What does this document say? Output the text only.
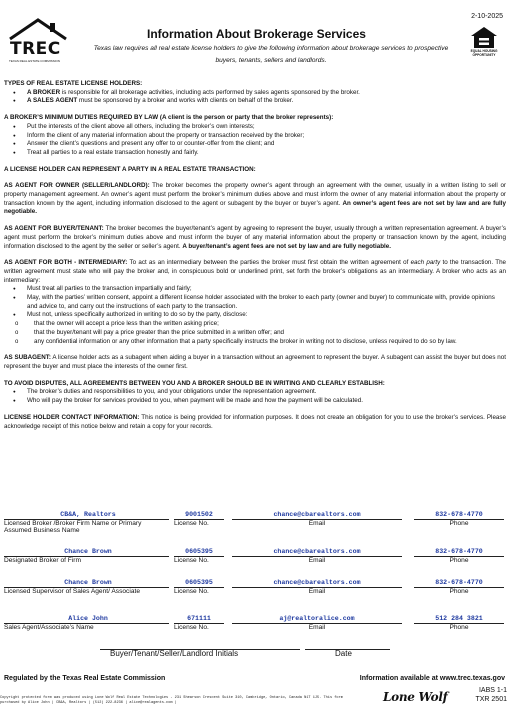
TREC
TEXAS REAL ESTATE COMMISSION
2-10-2025
EQUAL HOUSING OPPORTUNITY
Information About Brokerage Services
Texas law requires all real estate license holders to give the following information about brokerage services to prospective buyers, tenants, sellers and landlords.

TYPES OF REAL ESTATE LICENSE HOLDERS:

● A BROKER is responsible for all brokerage activities, including acts performed by sales agents sponsored by the broker.
● A SALES AGENT must be sponsored by a broker and works with clients on behalf of the broker.

A BROKER’S MINIMUM DUTIES REQUIRED BY LAW (A client is the person or party that the broker represents):

● Put the interests of the client above all others, including the broker’s own interests;
● Inform the client of any material information about the property or transaction received by the broker;
● Answer the client’s questions and present any offer to or counter-offer from the client; and
● Treat all parties to a real estate transaction honestly and fairly.

A LICENSE HOLDER CAN REPRESENT A PARTY IN A REAL ESTATE TRANSACTION:

AS AGENT FOR OWNER (SELLER/LANDLORD): The broker becomes the property owner’s agent through an agreement with the owner, usually in a written listing to sell or property management agreement. An owner’s agent must perform the broker’s minimum duties above and must inform the owner of any material information about the property or transaction known by the agent, including information disclosed to the agent or subagent by the buyer or buyer’s agent. An owner’s agent fees are not set by law and are fully negotiable.

AS AGENT FOR BUYER/TENANT: The broker becomes the buyer/tenant’s agent by agreeing to represent the buyer, usually through a written representation agreement. A buyer’s agent must perform the broker’s minimum duties above and must inform the buyer of any material information about the property or transaction known by the agent, including information disclosed to the agent by the seller or seller’s agent. A buyer/tenant’s agent fees are not set by law and are fully negotiable.

AS AGENT FOR BOTH - INTERMEDIARY: To act as an intermediary between the parties the broker must first obtain the written agreement of each party to the transaction. The written agreement must state who will pay the broker and, in conspicuous bold or underlined print, set forth the broker’s obligations as an intermediary. A broker who acts as an intermediary:

● Must treat all parties to the transaction impartially and fairly;
● May, with the parties’ written consent, appoint a different license holder associated with the broker to each party (owner and buyer) to communicate with, provide opinions and advice to, and carry out the instructions of each party to the transaction.
● Must not, unless specifically authorized in writing to do so by the party, disclose:
o that the owner will accept a price less than the written asking price;
o that the buyer/tenant will pay a price greater than the price submitted in a written offer; and
o any confidential information or any other information that a party specifically instructs the broker in writing not to disclose, unless required to do so by law.

AS SUBAGENT: A license holder acts as a subagent when aiding a buyer in a transaction without an agreement to represent the buyer. A subagent can assist the buyer but does not represent the buyer and must place the interests of the owner first.

TO AVOID DISPUTES, ALL AGREEMENTS BETWEEN YOU AND A BROKER SHOULD BE IN WRITING AND CLEARLY ESTABLISH:

● The broker’s duties and responsibilities to you, and your obligations under the representation agreement.
● Who will pay the broker for services provided to you, when payment will be made and how the payment will be calculated.

LICENSE HOLDER CONTACT INFORMATION: This notice is being provided for information purposes. It does not create an obligation for you to use the broker’s services. Please acknowledge receipt of this notice below and retain a copy for your records.

CB&A, Realtors	9001502	chance@cbarealtors.com	832-678-4770
Licensed Broker /Broker Firm Name or Primary Assumed Business Name
License No.	Email	Phone
Chance Brown	0605395	chance@cbarealtors.com	832-678-4770
Designated Broker of Firm	License No.	Email	Phone
Chance Brown	0605395	chance@cbarealtors.com	832-678-4770
Licensed Supervisor of Sales Agent/ Associate	License No.	Email	Phone
Alice John	671111	aj@realtoralice.com	512 284 3821
Sales Agent/Associate’s Name	License No.	Email	Phone
Buyer/Tenant/Seller/Landlord Initials	Date
Regulated by the Texas Real Estate Commission	Information available at www.trec.texas.gov
Copyright protected form was produced using Lone Wolf Real Estate Technologies - 231 Shearson Crescent Suite 310, Cambridge, Ontario, Canada N1T 1J5. This form purchased by Alice John | CB&A, Realtors | (512) 222-8236 | alice@realagents.com |	Lone Wolf	IABS 1-1
TXR 2501
